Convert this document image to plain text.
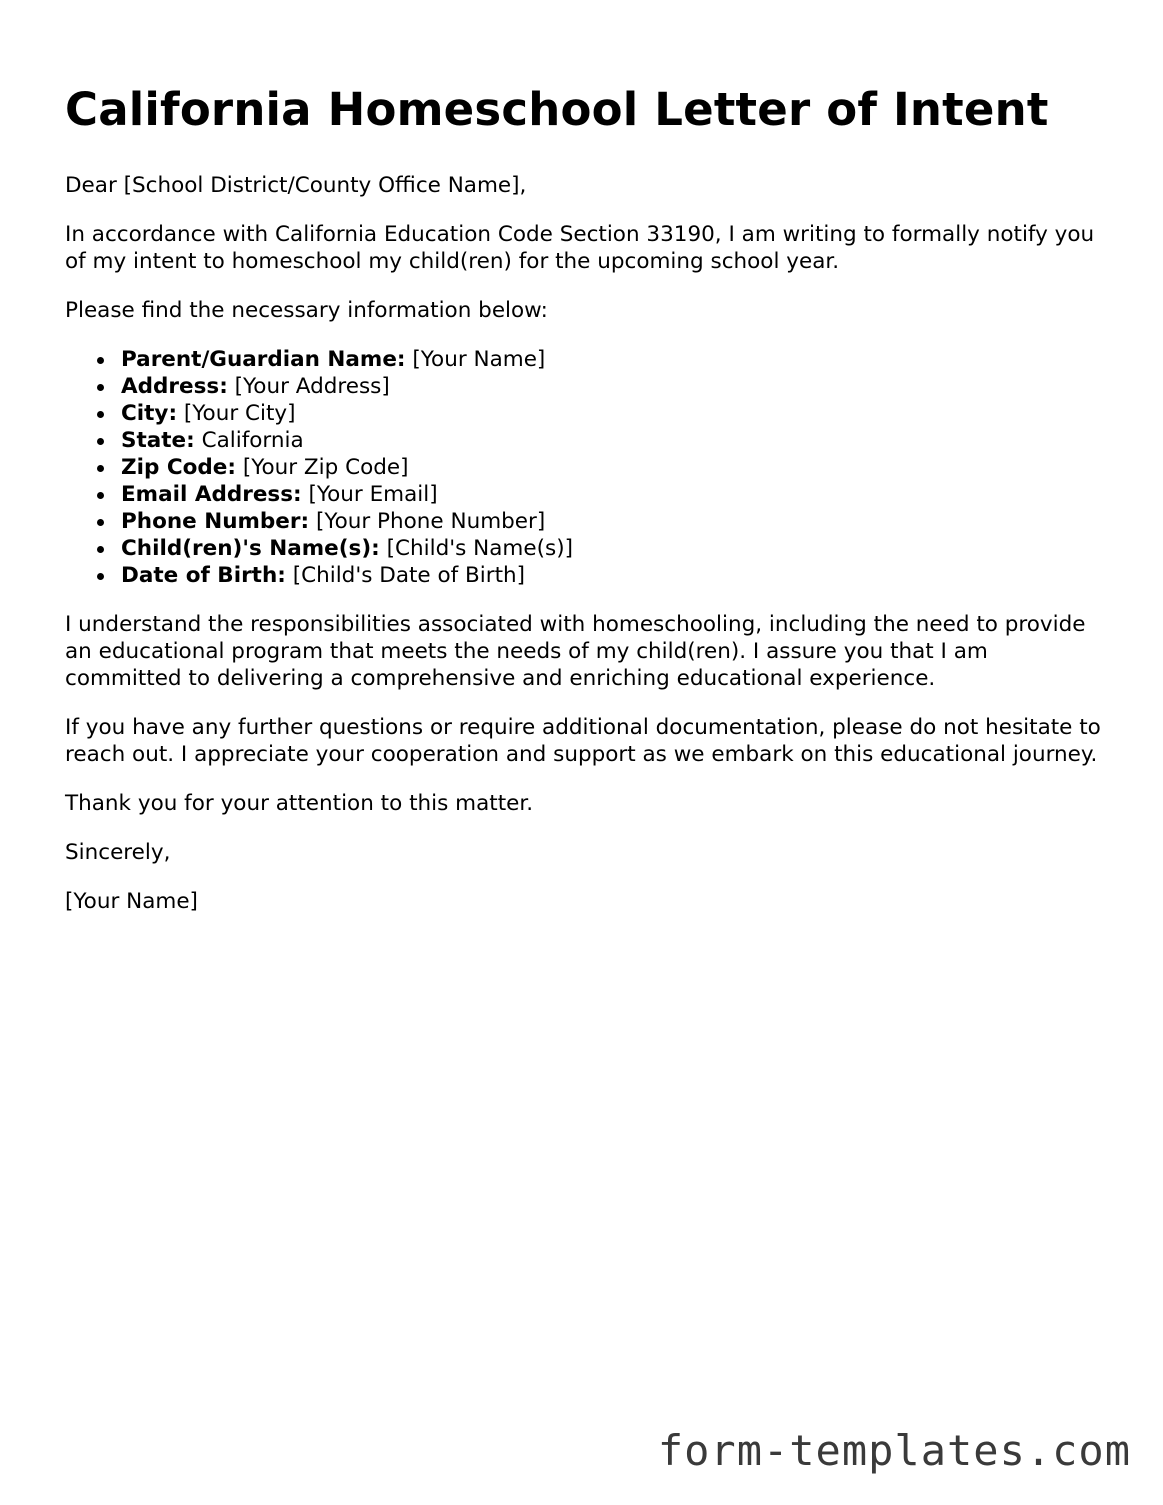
California Homeschool Letter of Intent

Dear [School District/County Office Name],

In accordance with California Education Code Section 33190, I am writing to formally notify you of my intent to homeschool my child(ren) for the upcoming school year.

Please find the necessary information below:

Parent/Guardian Name: [Your Name]
Address: [Your Address]
City: [Your City]
State: California
Zip Code: [Your Zip Code]
Email Address: [Your Email]
Phone Number: [Your Phone Number]
Child(ren)'s Name(s): [Child's Name(s)]
Date of Birth: [Child's Date of Birth]

I understand the responsibilities associated with homeschooling, including the need to provide an educational program that meets the needs of my child(ren). I assure you that I am committed to delivering a comprehensive and enriching educational experience.

If you have any further questions or require additional documentation, please do not hesitate to reach out. I appreciate your cooperation and support as we embark on this educational journey.

Thank you for your attention to this matter.

Sincerely,

[Your Name]

form-templates.com
